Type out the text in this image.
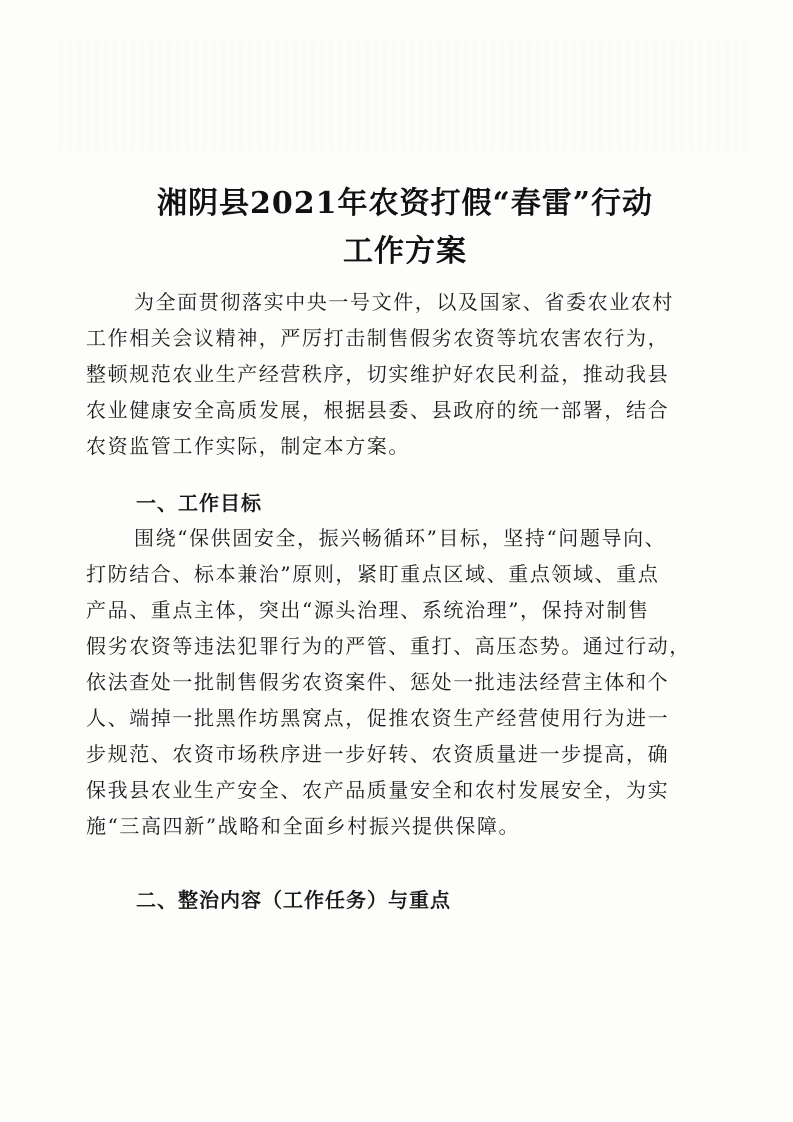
湘阴县2021年农资打假“春雷”行动
工作方案

为全面贯彻落实中央一号文件，以及国家、省委农业农村
工作相关会议精神，严厉打击制售假劣农资等坑农害农行为，
整顿规范农业生产经营秩序，切实维护好农民利益，推动我县
农业健康安全高质发展，根据县委、县政府的统一部署，结合
农资监管工作实际，制定本方案。

一、工作目标

围绕“保供固安全，振兴畅循环”目标，坚持“问题导向、
打防结合、标本兼治”原则，紧盯重点区域、重点领域、重点
产品、重点主体，突出“源头治理、系统治理”，保持对制售
假劣农资等违法犯罪行为的严管、重打、高压态势。通过行动，
依法查处一批制售假劣农资案件、惩处一批违法经营主体和个
人、端掉一批黑作坊黑窝点，促推农资生产经营使用行为进一
步规范、农资市场秩序进一步好转、农资质量进一步提高，确
保我县农业生产安全、农产品质量安全和农村发展安全，为实
施“三高四新”战略和全面乡村振兴提供保障。

二、整治内容（工作任务）与重点
